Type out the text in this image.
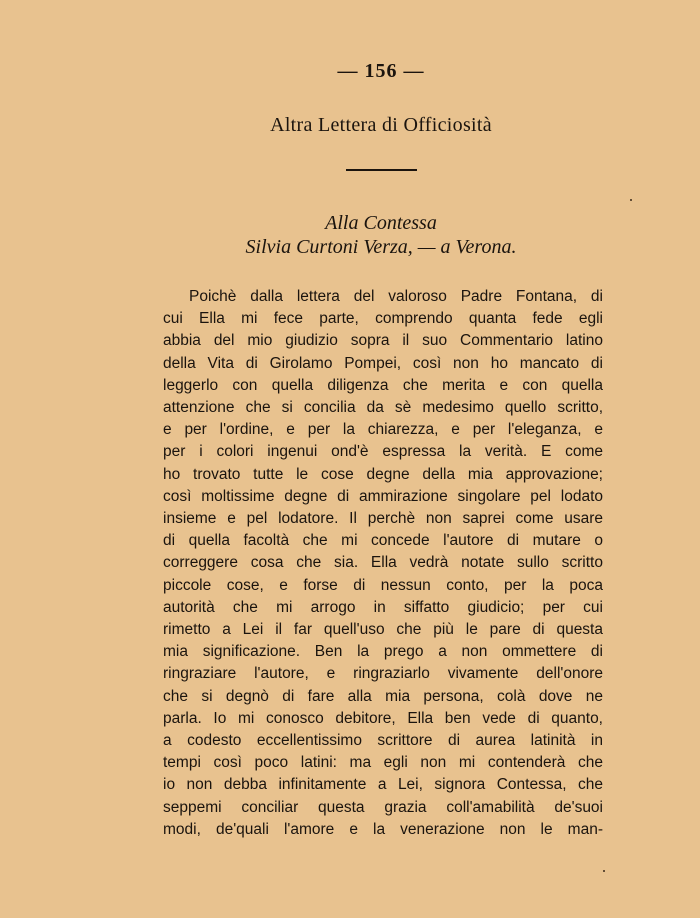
— 156 —
Altra Lettera di Officiosità
Alla Contessa
Silvia Curtoni Verza, — a Verona.
Poichè dalla lettera del valoroso Padre Fontana, di
cui Ella mi fece parte, comprendo quanta fede egli
abbia del mio giudizio sopra il suo Commentario latino
della Vita di Girolamo Pompei, così non ho mancato di
leggerlo con quella diligenza che merita e con quella
attenzione che si concilia da sè medesimo quello scritto,
e per l'ordine, e per la chiarezza, e per l'eleganza, e
per i colori ingenui ond'è espressa la verità. E come
ho trovato tutte le cose degne della mia approvazione;
così moltissime degne di ammirazione singolare pel lodato
insieme e pel lodatore. Il perchè non saprei come usare
di quella facoltà che mi concede l'autore di mutare o
correggere cosa che sia. Ella vedrà notate sullo scritto
piccole cose, e forse di nessun conto, per la poca
autorità che mi arrogo in siffatto giudicio; per cui
rimetto a Lei il far quell'uso che più le pare di questa
mia significazione. Ben la prego a non ommettere di
ringraziare l'autore, e ringraziarlo vivamente dell'onore
che si degnò di fare alla mia persona, colà dove ne
parla. Io mi conosco debitore, Ella ben vede di quanto,
a codesto eccellentissimo scrittore di aurea latinità in
tempi così poco latini: ma egli non mi contenderà che
io non debba infinitamente a Lei, signora Contessa, che
seppemi conciliar questa grazia coll'amabilità de'suoi
modi, de'quali l'amore e la venerazione non le man-
